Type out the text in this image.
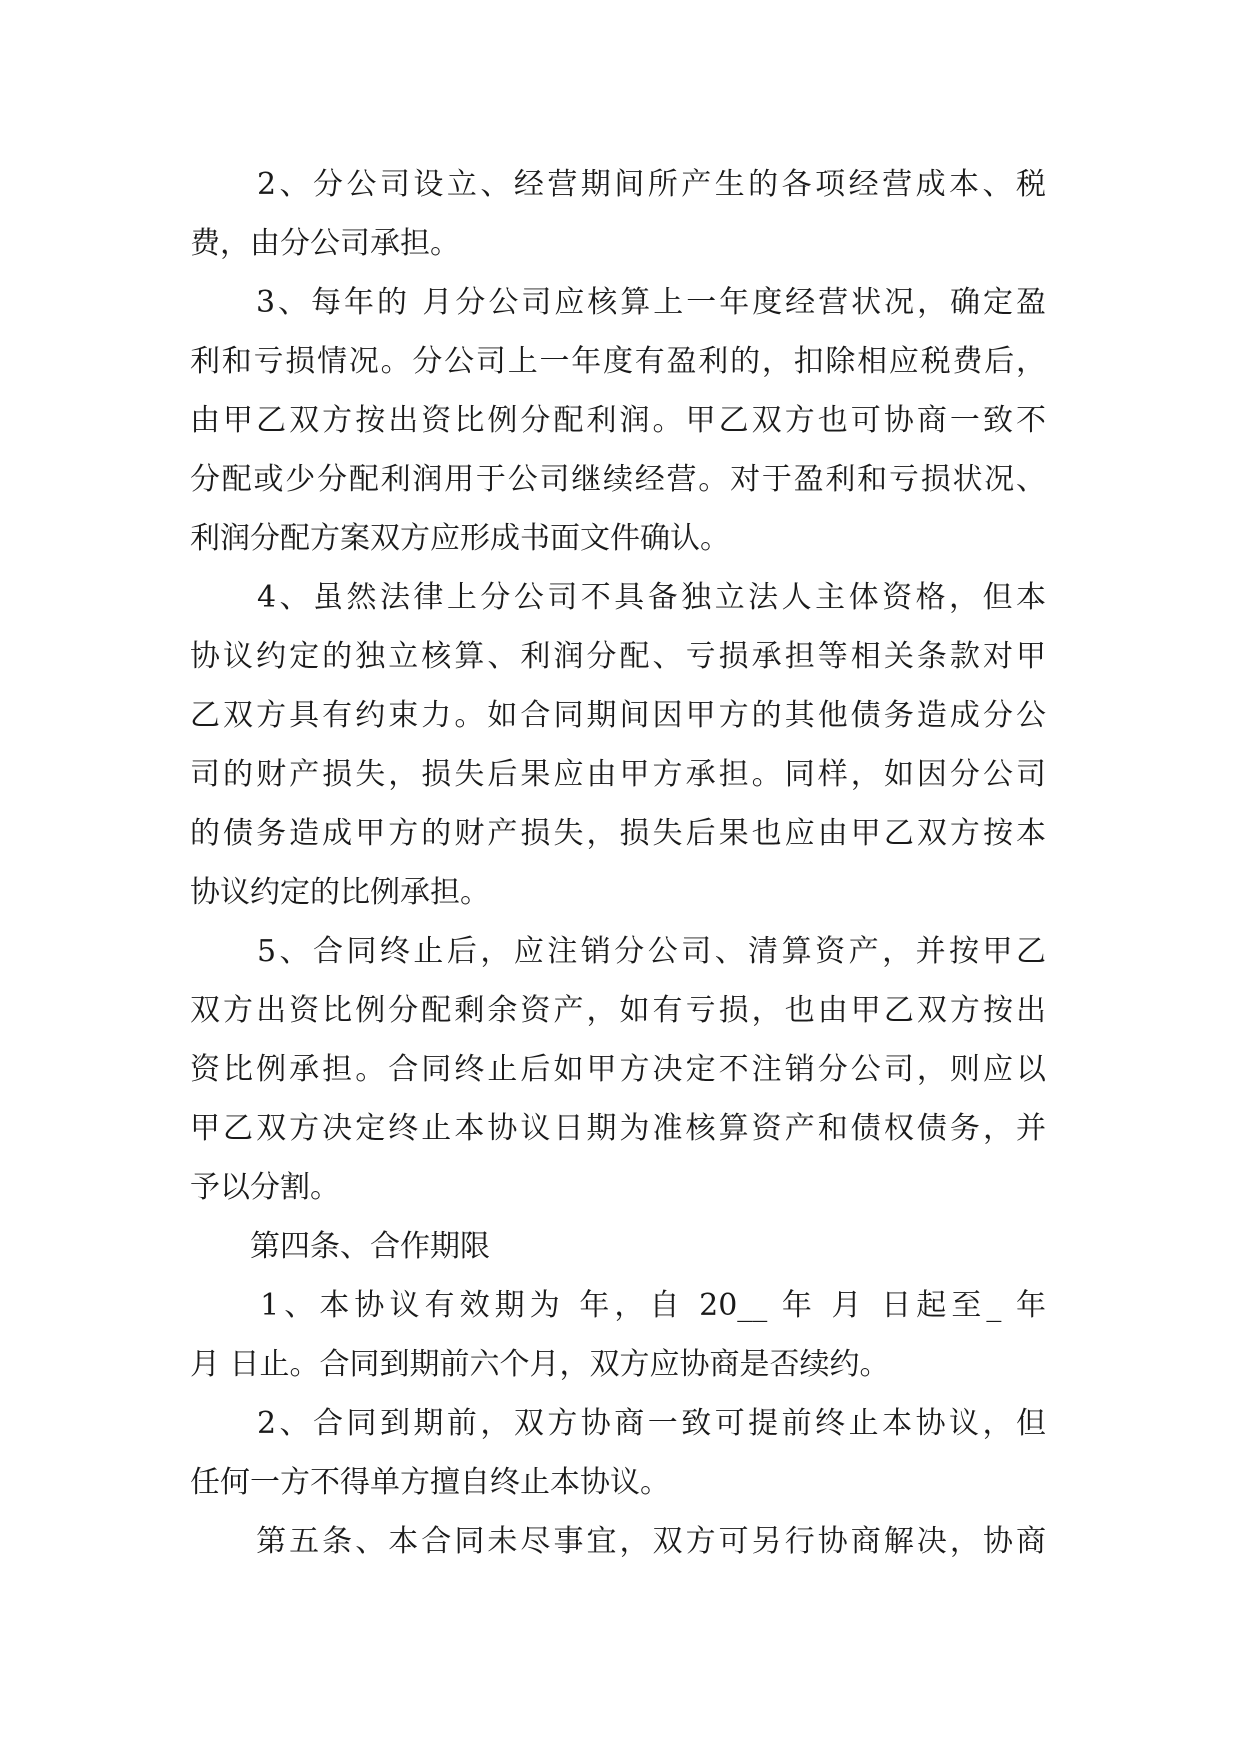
　　2、分公司设立、经营期间所产生的各项经营成本、税
费，由分公司承担。
　　3、每年的 月分公司应核算上一年度经营状况，确定盈
利和亏损情况。分公司上一年度有盈利的，扣除相应税费后，
由甲乙双方按出资比例分配利润。甲乙双方也可协商一致不
分配或少分配利润用于公司继续经营。对于盈利和亏损状况、
利润分配方案双方应形成书面文件确认。
　　4、虽然法律上分公司不具备独立法人主体资格，但本
协议约定的独立核算、利润分配、亏损承担等相关条款对甲
乙双方具有约束力。如合同期间因甲方的其他债务造成分公
司的财产损失，损失后果应由甲方承担。同样，如因分公司
的债务造成甲方的财产损失，损失后果也应由甲乙双方按本
协议约定的比例承担。
　　5、合同终止后，应注销分公司、清算资产，并按甲乙
双方出资比例分配剩余资产，如有亏损，也由甲乙双方按出
资比例承担。合同终止后如甲方决定不注销分公司，则应以
甲乙双方决定终止本协议日期为准核算资产和债权债务，并
予以分割。
　　第四条、合作期限
　　1、本协议有效期为 年，自 20__ 年 月 日起至_ 年
月 日止。合同到期前六个月，双方应协商是否续约。
　　2、合同到期前，双方协商一致可提前终止本协议，但
任何一方不得单方擅自终止本协议。
　　第五条、本合同未尽事宜，双方可另行协商解决，协商
